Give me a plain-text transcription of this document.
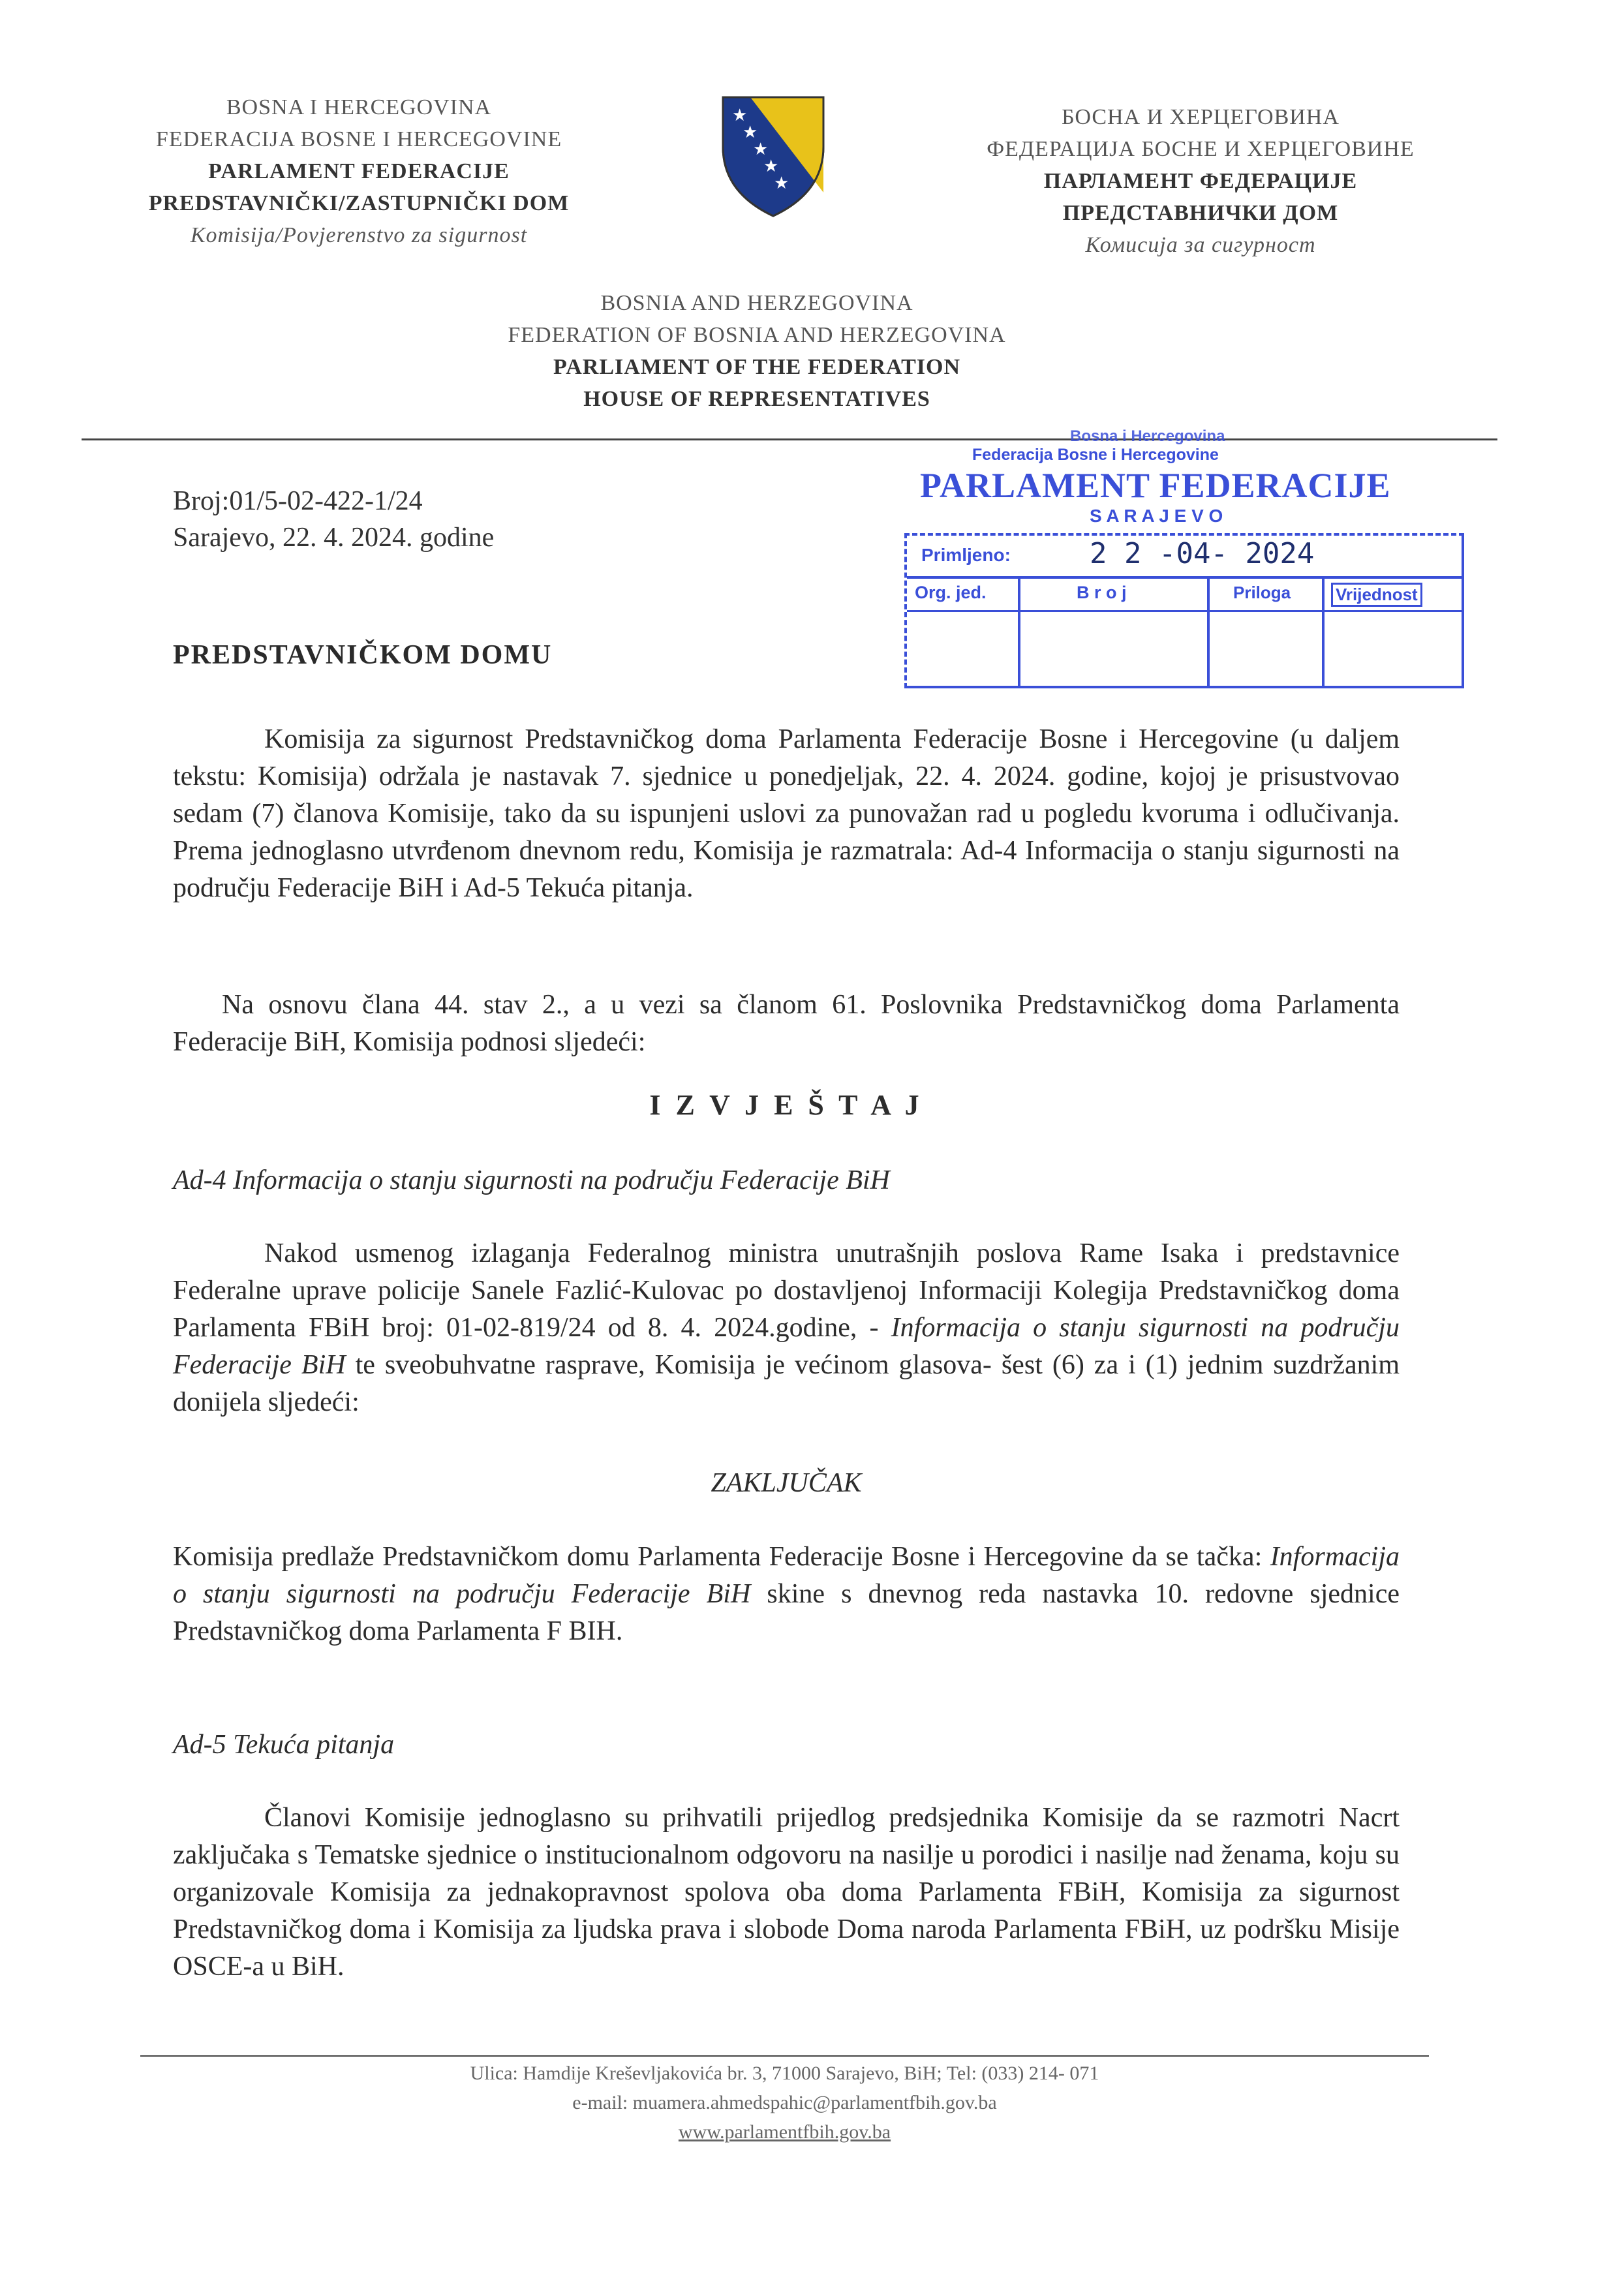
BOSNA I HERCEGOVINA
FEDERACIJA BOSNE I HERCEGOVINE
PARLAMENT FEDERACIJE
PREDSTAVNIČKI/ZASTUPNIČKI DOM
Komisija/Povjerenstvo za sigurnost
★
★
★
★
★
БОСНА И ХЕРЦЕГОВИНА
ФЕДЕРАЦИЈА БОСНЕ И ХЕРЦЕГОВИНЕ
ПАРЛАМЕНТ ФЕДЕРАЦИЈЕ
ПРЕДСТАВНИЧКИ ДОМ
Комисија за сигурност
BOSNIA AND HERZEGOVINA
FEDERATION OF BOSNIA AND HERZEGOVINA
PARLIAMENT OF THE FEDERATION
HOUSE OF REPRESENTATIVES
Broj:01/5-02-422-1/24
Sarajevo, 22. 4. 2024. godine
Bosna i Hercegovina
Federacija Bosne i Hercegovine
PARLAMENT FEDERACIJE
S A R A J E V O
Primljeno:	2 2 -04- 2024
Org. jed.	B r o j	Priloga	Vrijednost
PREDSTAVNIČKOM DOMU
Komisija za sigurnost Predstavničkog doma Parlamenta Federacije Bosne i Hercegovine (u daljem tekstu: Komisija) održala je nastavak 7. sjednice u ponedjeljak, 22. 4. 2024. godine, kojoj je prisustvovao sedam (7) članova Komisije, tako da su ispunjeni uslovi za punovažan rad u pogledu kvoruma i odlučivanja. Prema jednoglasno utvrđenom dnevnom redu, Komisija je razmatrala: Ad-4 Informacija o stanju sigurnosti na području Federacije BiH i Ad-5 Tekuća pitanja.
Na osnovu člana 44. stav 2., a u vezi sa članom 61. Poslovnika Predstavničkog doma Parlamenta Federacije BiH, Komisija podnosi sljedeći:
I Z V J E Š T A J
Ad-4 Informacija o stanju sigurnosti na području Federacije BiH
Nakod usmenog izlaganja Federalnog ministra unutrašnjih poslova Rame Isaka i predstavnice Federalne uprave policije Sanele Fazlić-Kulovac po dostavljenoj Informaciji Kolegija Predstavničkog doma Parlamenta FBiH broj: 01-02-819/24 od 8. 4. 2024.godine, - Informacija o stanju sigurnosti na području Federacije BiH te sveobuhvatne rasprave, Komisija je većinom glasova- šest (6) za i (1) jednim suzdržanim donijela sljedeći:
ZAKLJUČAK
Komisija predlaže Predstavničkom domu Parlamenta Federacije Bosne i Hercegovine da se tačka: Informacija o stanju sigurnosti na području Federacije BiH skine s dnevnog reda nastavka 10. redovne sjednice Predstavničkog doma Parlamenta F BIH.
Ad-5 Tekuća pitanja
Članovi Komisije jednoglasno su prihvatili prijedlog predsjednika Komisije da se razmotri Nacrt zaključaka s Tematske sjednice o institucionalnom odgovoru na nasilje u porodici i nasilje nad ženama, koju su organizovale Komisija za jednakopravnost spolova oba doma Parlamenta FBiH, Komisija za sigurnost Predstavničkog doma i Komisija za ljudska prava i slobode Doma naroda Parlamenta FBiH, uz podršku Misije OSCE-a u BiH.
Ulica: Hamdije Kreševljakovića br. 3, 71000 Sarajevo, BiH; Tel: (033) 214- 071
e-mail: muamera.ahmedspahic@parlamentfbih.gov.ba
www.parlamentfbih.gov.ba
